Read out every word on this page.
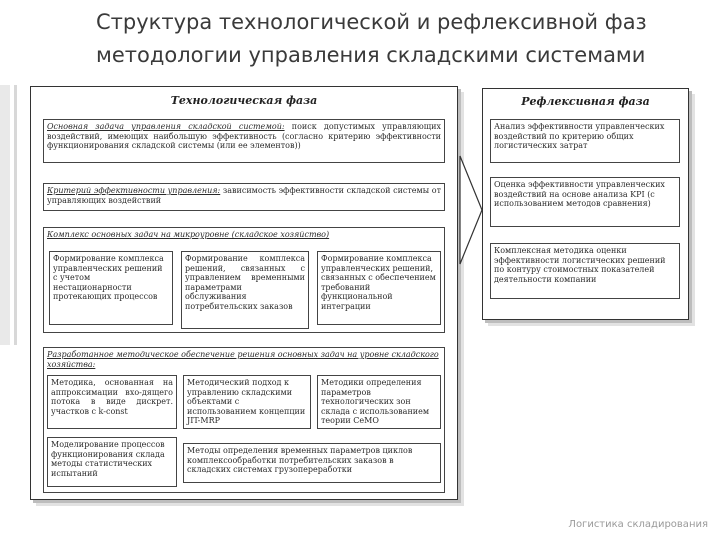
Структура технологической и рефлексивной фаз методологии управления складскими системами
Технологическая фаза
Основная задача управления складской системой: поиск допустимых управляющих воздействий, имеющих наибольшую эффективность (согласно критерию эффективности функционирования складской системы (или ее элементов))
Критерий эффективности управления: зависимость эффективности складской системы от управляющих воздействий
Комплекс основных задач на микроуровне (складское хозяйство)
Формирование комплекса управленческих решений с учетом нестационарности протекающих процессов
Формирование комплекса решений, связанных с управлением временными параметрами обслуживания потребительских заказов
Формирование комплекса управленческих решений, связанных с обеспечением требований функциональной интеграции
Разработанное методическое обеспечение решения основных задач на уровне складского хозяйства:
Методика, основанная на аппроксимации вхо-дящего потока в виде дискрет. участков с k-const
Методический подход к управлению складскими объектами с использованием концепции JIT-MRP
Методики определения параметров технологических зон склада с использованием теории СеМО
Моделирование процессов функционирования склада методы статистических испытаний
Методы определения временных параметров циклов комплексообработки потребительских заказов в складских системах грузопереработки
Рефлексивная фаза
Анализ эффективности управленческих воздействий по критерию общих логистических затрат
Оценка эффективности управленческих воздействий на основе анализа KPI (с использованием методов сравнения)
Комплексная методика оценки эффективности логистических решений по контуру стоимостных показателей деятельности компании
Логистика складирования
